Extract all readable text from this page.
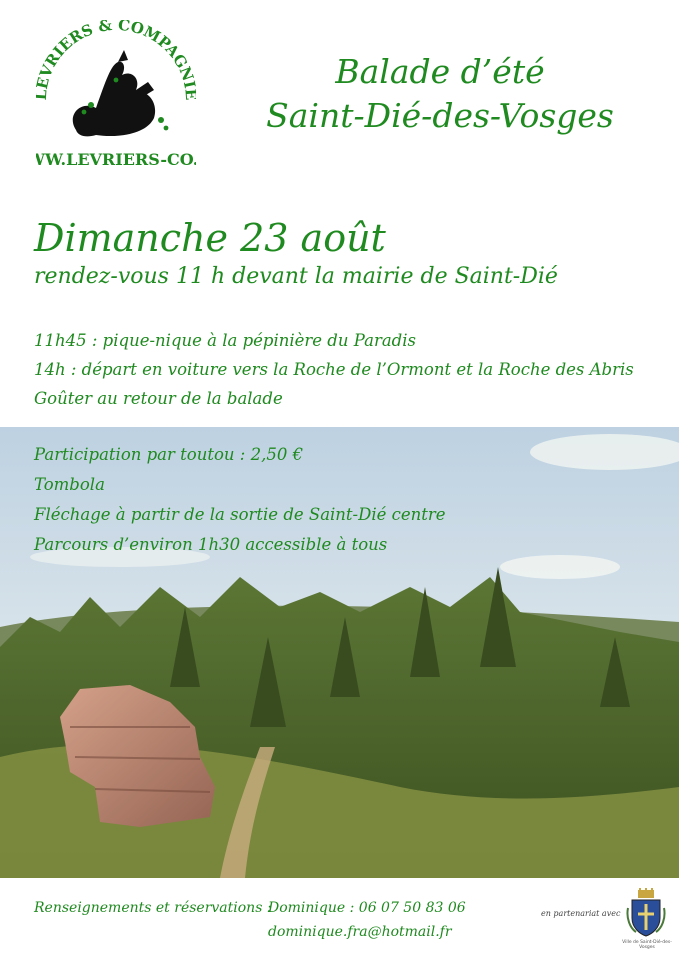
VRIERS & COMPAGN
WW.LEVRIERS-CO
Balade d’été
Saint-Dié-des-Vosges
Dimanche 23 août
rendez-vous 11 h devant la mairie de Saint-Dié
11h45 : pique-nique à la pépinière du Paradis
14h : départ en voiture vers la Roche de l’Ormont et la Roche des Abris
Goûter au retour de la balade
Participation par toutou : 2,50 €
Tombola
Fléchage à partir de la sortie de Saint-Dié centre
Parcours d’environ 1h30 accessible à tous
Renseignements et réservations :
Dominique : 06 07 50 83 06
dominique.fra@hotmail.fr
en partenariat avec
Ville de Saint-Dié-des-Vosges
